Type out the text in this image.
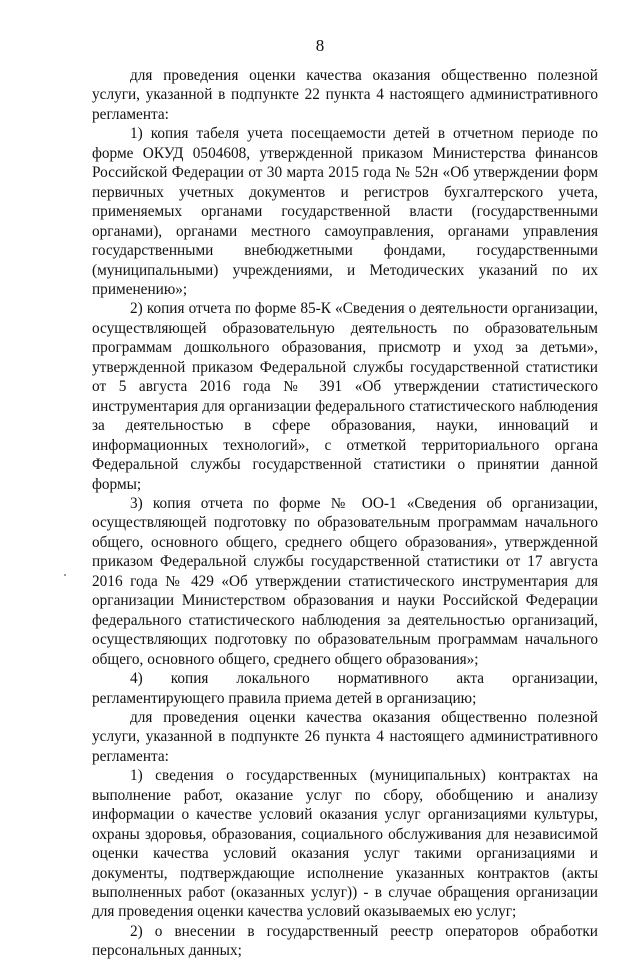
8

для проведения оценки качества оказания общественно полезной услуги, указанной в подпункте 22 пункта 4 настоящего административного регламента:

1) копия табеля учета посещаемости детей в отчетном периоде по форме ОКУД 0504608, утвержденной приказом Министерства финансов Российской Федерации от 30 марта 2015 года № 52н «Об утверждении форм первичных учетных документов и регистров бухгалтерского учета, применяемых органами государственной власти (государственными органами), органами местного самоуправления, органами управления государственными внебюджетными фондами, государственными (муниципальными) учреждениями, и Методических указаний по их применению»;

2) копия отчета по форме 85-К «Сведения о деятельности организации, осуществляющей образовательную деятельность по образовательным программам дошкольного образования, присмотр и уход за детьми», утвержденной приказом Федеральной службы государственной статистики от 5 августа 2016 года № 391 «Об утверждении статистического инструментария для организации федерального статистического наблюдения за деятельностью в сфере образования, науки, инноваций и информационных технологий», с отметкой территориального органа Федеральной службы государственной статистики о принятии данной формы;

3) копия отчета по форме № ОО-1 «Сведения об организации, осуществляющей подготовку по образовательным программам начального общего, основного общего, среднего общего образования», утвержденной приказом Федеральной службы государственной статистики от 17 августа 2016 года № 429 «Об утверждении статистического инструментария для организации Министерством образования и науки Российской Федерации федерального статистического наблюдения за деятельностью организаций, осуществляющих подготовку по образовательным программам начального общего, основного общего, среднего общего образования»;

4) копия локального нормативного акта организации, регламентирующего правила приема детей в организацию;

для проведения оценки качества оказания общественно полезной услуги, указанной в подпункте 26 пункта 4 настоящего административного регламента:

1) сведения о государственных (муниципальных) контрактах на выполнение работ, оказание услуг по сбору, обобщению и анализу информации о качестве условий оказания услуг организациями культуры, охраны здоровья, образования, социального обслуживания для независимой оценки качества условий оказания услуг такими организациями и документы, подтверждающие исполнение указанных контрактов (акты выполненных работ (оказанных услуг)) - в случае обращения организации для проведения оценки качества условий оказываемых ею услуг;

2) о внесении в государственный реестр операторов обработки персональных данных;
